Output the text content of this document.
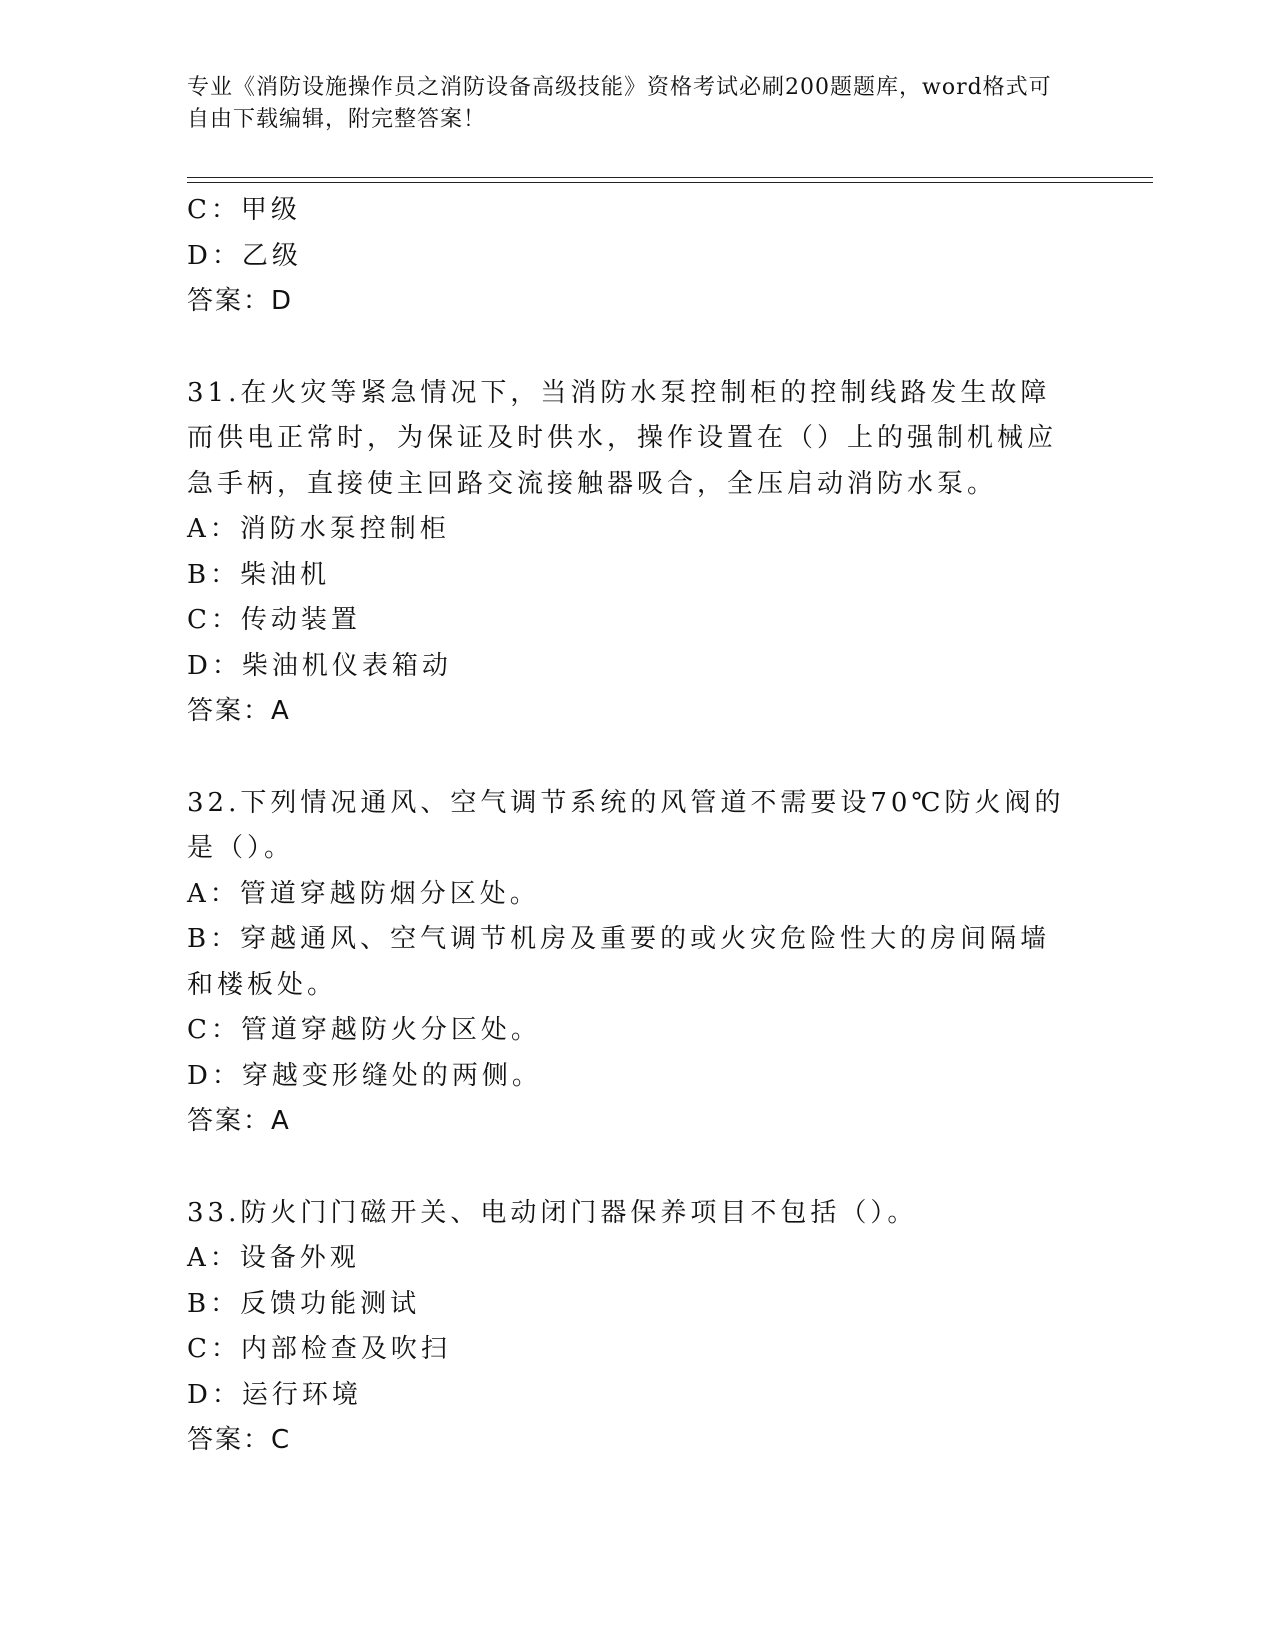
专业《消防设施操作员之消防设备高级技能》资格考试必刷200题题库，word格式可自由下载编辑，附完整答案！
C：甲级
D：乙级
答案：D
31.在火灾等紧急情况下，当消防水泵控制柜的控制线路发生故障而供电正常时，为保证及时供水，操作设置在（）上的强制机械应急手柄，直接使主回路交流接触器吸合，全压启动消防水泵。
A：消防水泵控制柜
B：柴油机
C：传动装置
D：柴油机仪表箱动
答案：A
32.下列情况通风、空气调节系统的风管道不需要设70℃防火阀的是（）。
A：管道穿越防烟分区处。
B：穿越通风、空气调节机房及重要的或火灾危险性大的房间隔墙和楼板处。
C：管道穿越防火分区处。
D：穿越变形缝处的两侧。
答案：A
33.防火门门磁开关、电动闭门器保养项目不包括（）。
A：设备外观
B：反馈功能测试
C：内部检查及吹扫
D：运行环境
答案：C
